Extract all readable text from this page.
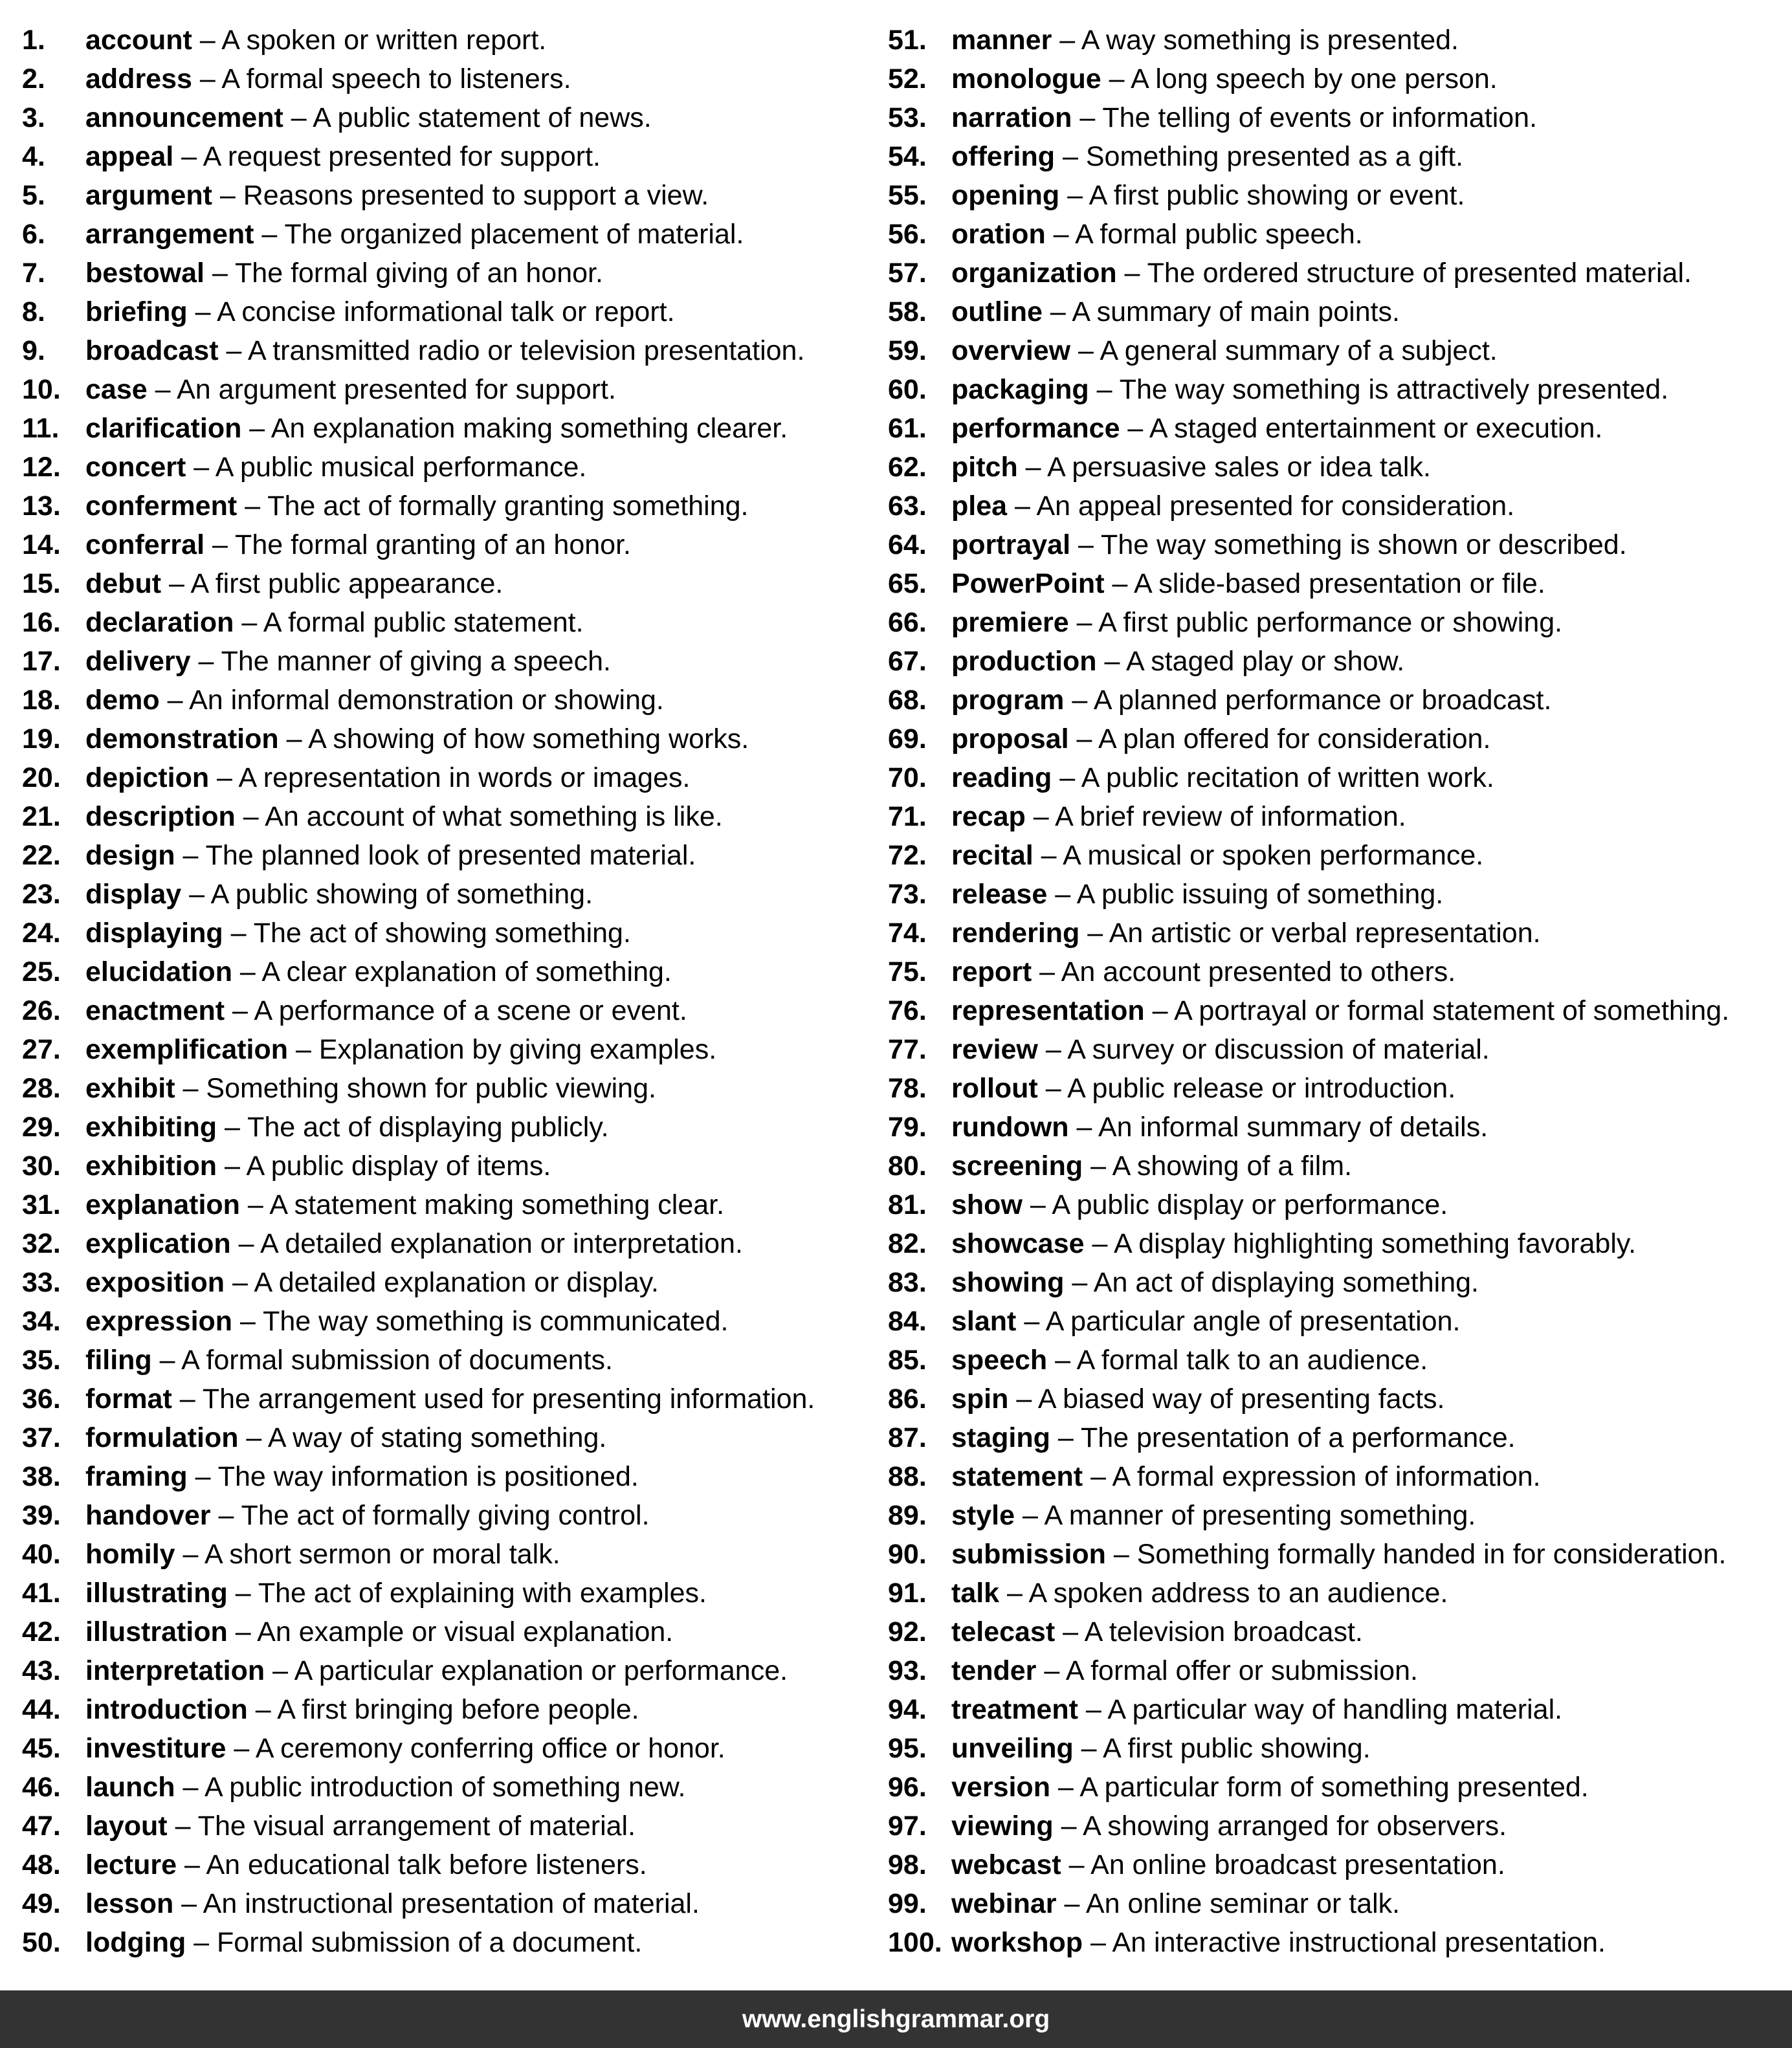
1.	account – A spoken or written report.
2.	address – A formal speech to listeners.
3.	announcement – A public statement of news.
4.	appeal – A request presented for support.
5.	argument – Reasons presented to support a view.
6.	arrangement – The organized placement of material.
7.	bestowal – The formal giving of an honor.
8.	briefing – A concise informational talk or report.
9.	broadcast – A transmitted radio or television presentation.
10. case – An argument presented for support.
11. clarification – An explanation making something clearer.
12. concert – A public musical performance.
13. conferment – The act of formally granting something.
14. conferral – The formal granting of an honor.
15. debut – A first public appearance.
16. declaration – A formal public statement.
17. delivery – The manner of giving a speech.
18. demo – An informal demonstration or showing.
19. demonstration – A showing of how something works.
20. depiction – A representation in words or images.
21. description – An account of what something is like.
22. design – The planned look of presented material.
23. display – A public showing of something.
24. displaying – The act of showing something.
25. elucidation – A clear explanation of something.
26. enactment – A performance of a scene or event.
27. exemplification – Explanation by giving examples.
28. exhibit – Something shown for public viewing.
29. exhibiting – The act of displaying publicly.
30. exhibition – A public display of items.
31. explanation – A statement making something clear.
32. explication – A detailed explanation or interpretation.
33. exposition – A detailed explanation or display.
34. expression – The way something is communicated.
35. filing – A formal submission of documents.
36. format – The arrangement used for presenting information.
37. formulation – A way of stating something.
38. framing – The way information is positioned.
39. handover – The act of formally giving control.
40. homily – A short sermon or moral talk.
41. illustrating – The act of explaining with examples.
42. illustration – An example or visual explanation.
43. interpretation – A particular explanation or performance.
44. introduction – A first bringing before people.
45. investiture – A ceremony conferring office or honor.
46. launch – A public introduction of something new.
47. layout – The visual arrangement of material.
48. lecture – An educational talk before listeners.
49. lesson – An instructional presentation of material.
50. lodging – Formal submission of a document.
51. manner – A way something is presented.
52. monologue – A long speech by one person.
53. narration – The telling of events or information.
54. offering – Something presented as a gift.
55. opening – A first public showing or event.
56. oration – A formal public speech.
57. organization – The ordered structure of presented material.
58. outline – A summary of main points.
59. overview – A general summary of a subject.
60. packaging – The way something is attractively presented.
61. performance – A staged entertainment or execution.
62. pitch – A persuasive sales or idea talk.
63. plea – An appeal presented for consideration.
64. portrayal – The way something is shown or described.
65. PowerPoint – A slide-based presentation or file.
66. premiere – A first public performance or showing.
67. production – A staged play or show.
68. program – A planned performance or broadcast.
69. proposal – A plan offered for consideration.
70. reading – A public recitation of written work.
71. recap – A brief review of information.
72. recital – A musical or spoken performance.
73. release – A public issuing of something.
74. rendering – An artistic or verbal representation.
75. report – An account presented to others.
76. representation – A portrayal or formal statement of something.
77. review – A survey or discussion of material.
78. rollout – A public release or introduction.
79. rundown – An informal summary of details.
80. screening – A showing of a film.
81. show – A public display or performance.
82. showcase – A display highlighting something favorably.
83. showing – An act of displaying something.
84. slant – A particular angle of presentation.
85. speech – A formal talk to an audience.
86. spin – A biased way of presenting facts.
87. staging – The presentation of a performance.
88. statement – A formal expression of information.
89. style – A manner of presenting something.
90. submission – Something formally handed in for consideration.
91. talk – A spoken address to an audience.
92. telecast – A television broadcast.
93. tender – A formal offer or submission.
94. treatment – A particular way of handling material.
95. unveiling – A first public showing.
96. version – A particular form of something presented.
97. viewing – A showing arranged for observers.
98. webcast – An online broadcast presentation.
99. webinar – An online seminar or talk.
100. workshop – An interactive instructional presentation.
www.englishgrammar.org
